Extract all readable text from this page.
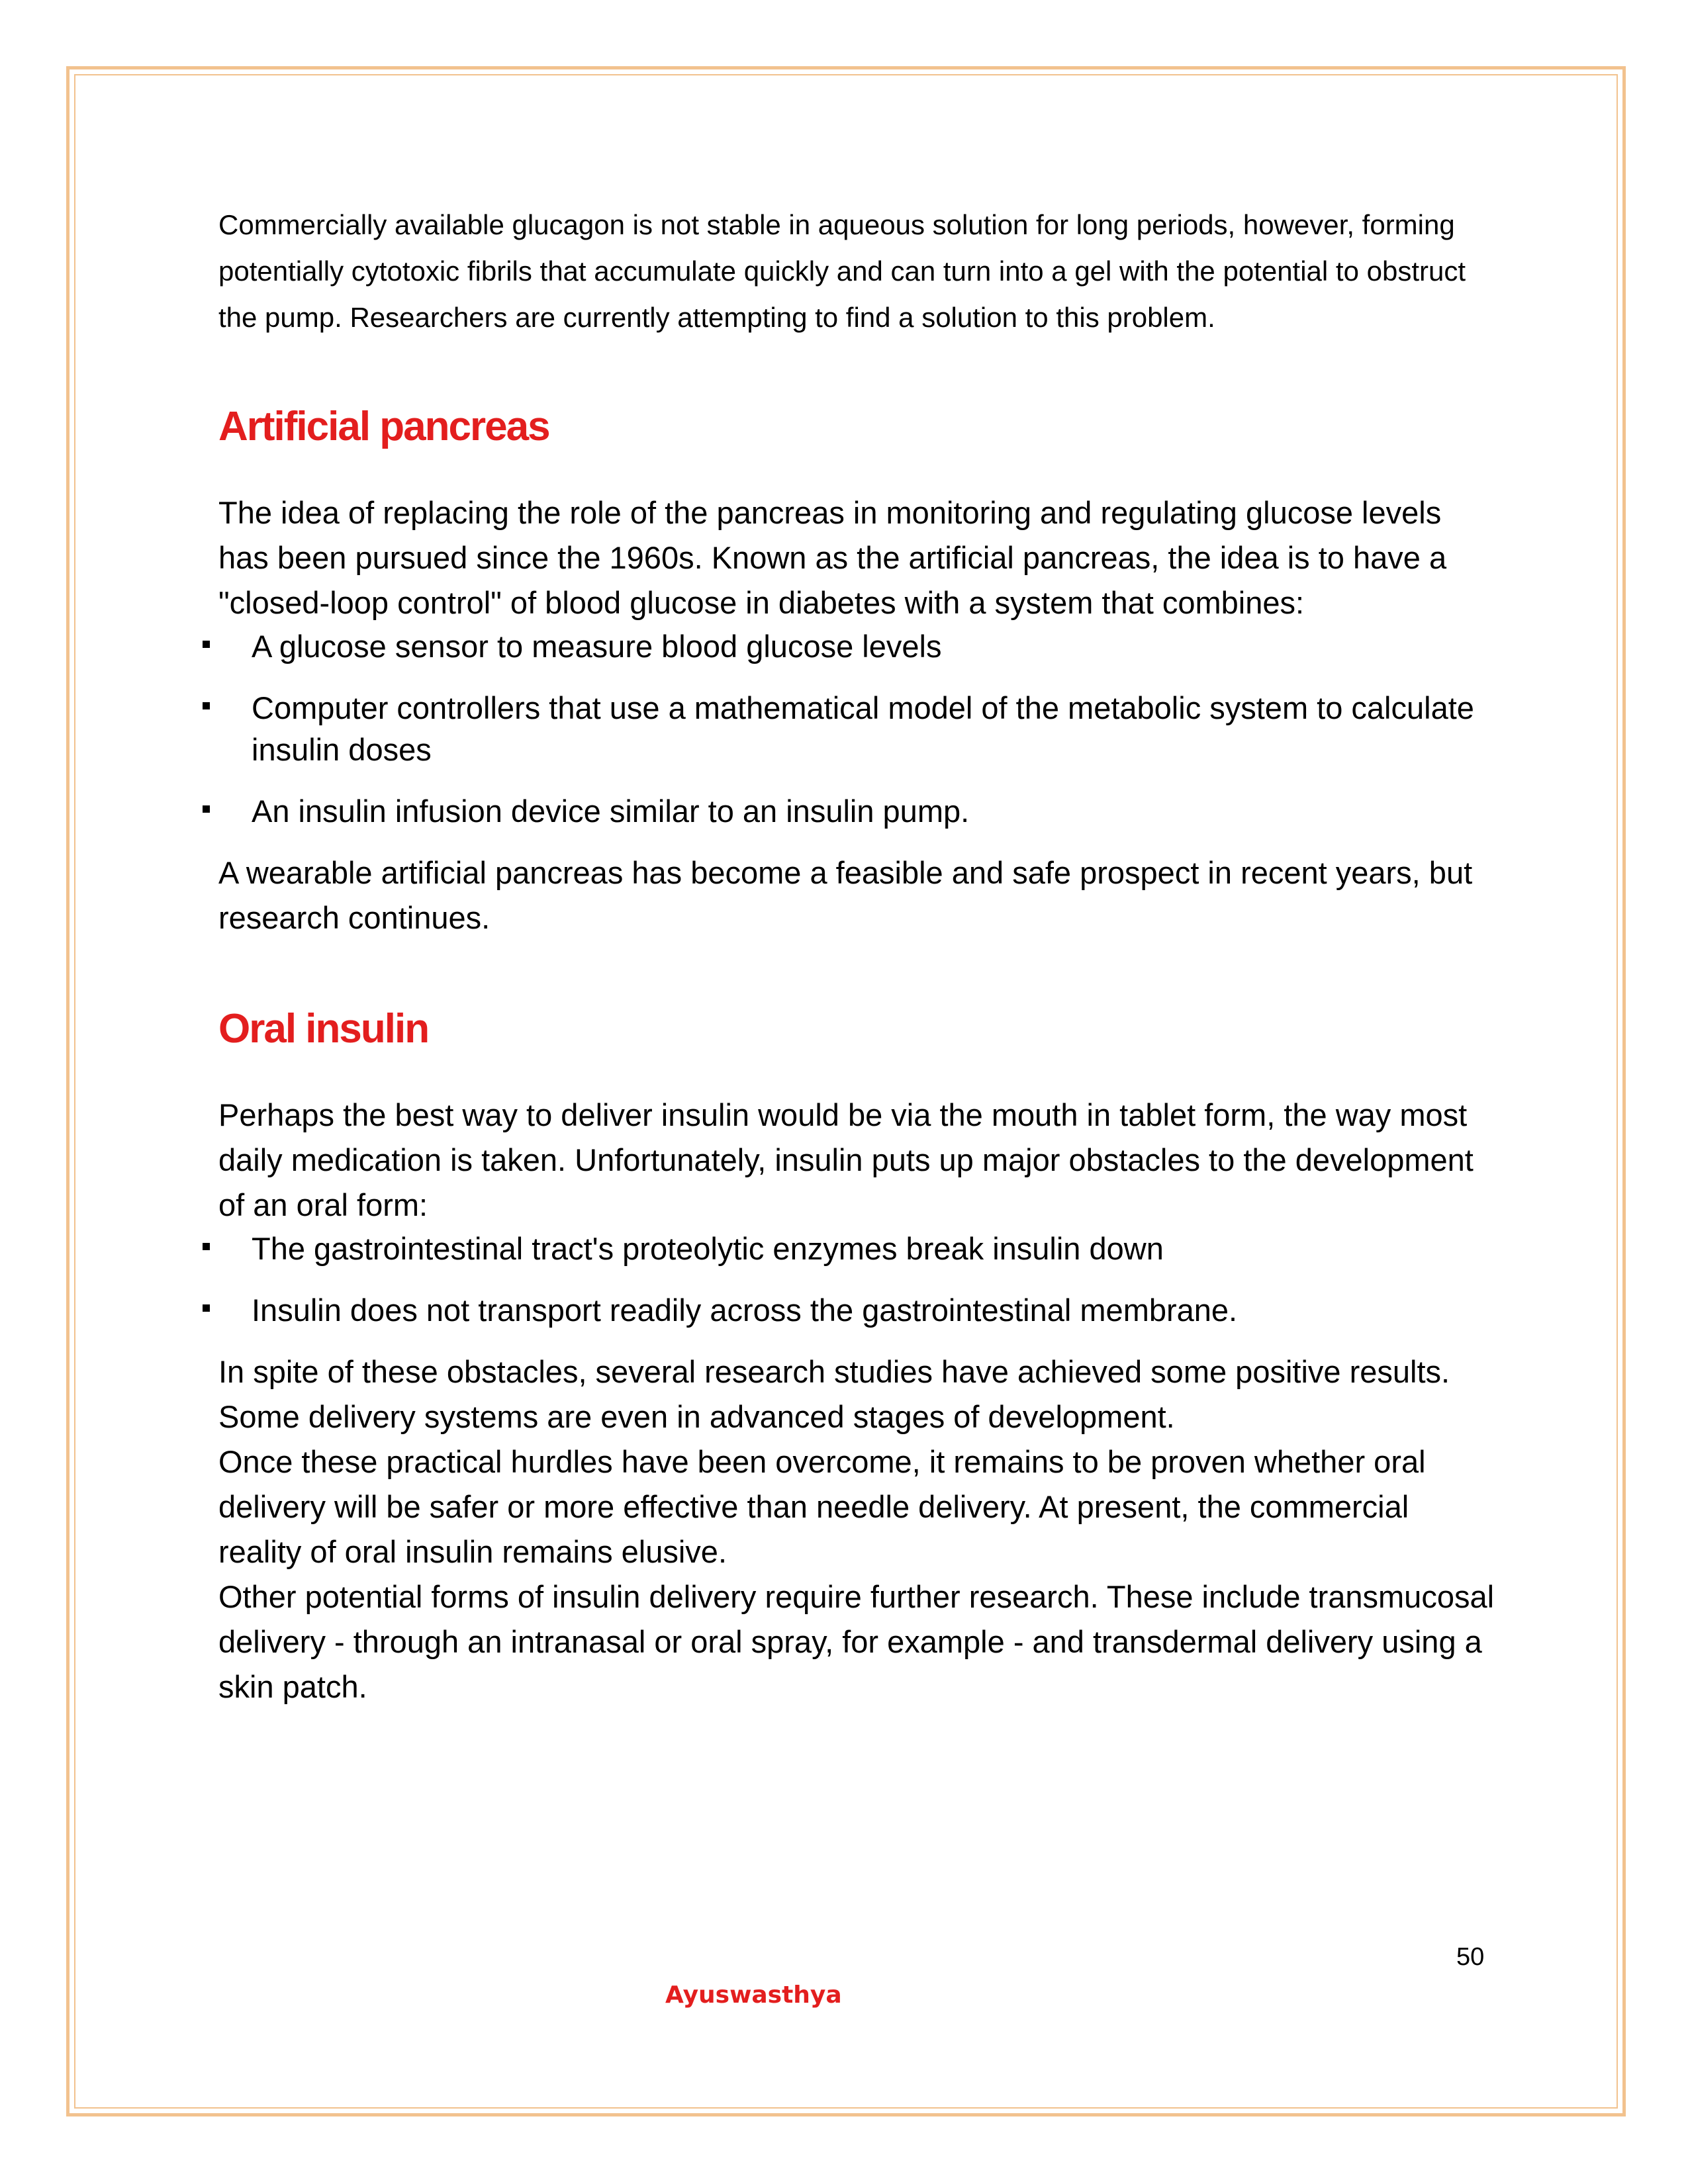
Commercially available glucagon is not stable in aqueous solution for long periods, however, forming potentially cytotoxic fibrils that accumulate quickly and can turn into a gel with the potential to obstruct the pump. Researchers are currently attempting to find a solution to this problem.

Artificial pancreas

The idea of replacing the role of the pancreas in monitoring and regulating glucose levels has been pursued since the 1960s. Known as the artificial pancreas, the idea is to have a "closed-loop control" of blood glucose in diabetes with a system that combines:

A glucose sensor to measure blood glucose levels
Computer controllers that use a mathematical model of the metabolic system to calculate insulin doses
An insulin infusion device similar to an insulin pump.

A wearable artificial pancreas has become a feasible and safe prospect in recent years, but research continues.

Oral insulin

Perhaps the best way to deliver insulin would be via the mouth in tablet form, the way most daily medication is taken. Unfortunately, insulin puts up major obstacles to the development of an oral form:

The gastrointestinal tract's proteolytic enzymes break insulin down
Insulin does not transport readily across the gastrointestinal membrane.

In spite of these obstacles, several research studies have achieved some positive results. Some delivery systems are even in advanced stages of development.

Once these practical hurdles have been overcome, it remains to be proven whether oral delivery will be safer or more effective than needle delivery. At present, the commercial reality of oral insulin remains elusive.

Other potential forms of insulin delivery require further research. These include transmucosal delivery - through an intranasal or oral spray, for example - and transdermal delivery using a skin patch.

50
Ayuswasthya
